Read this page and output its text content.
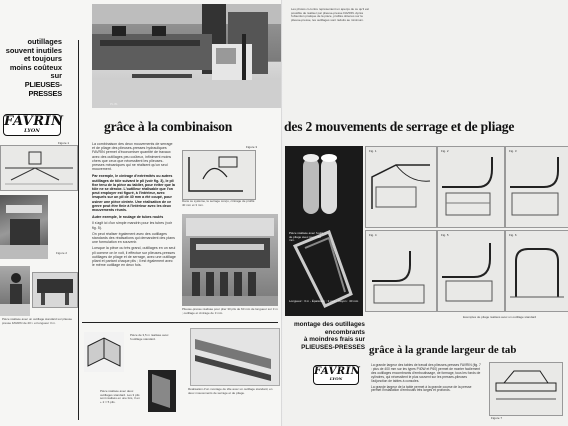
outillages
souvent inutiles
et toujours
moins coûteux
sur
PLIEUSES-PRESSES
FAVRIN
LYON
PL 81
grâce à la combinaison
Figure 1
Figure 2
Pièce réalisée avec un outillage standard sur plieuse presse FAVRIN de 20 t. et longueur 3 m.
La combinaison des deux mouvements de serrage et de pliage des plieuses-presses hydrauliques FAVRIN permet d'économiser quantité de travaux avec des outillages peu coûteux, infiniment moins chers que ceux que nécessitent les plieuses-presses mécaniques qui ne réalisent qu'un seul mouvement.
Par exemple, le cintrage d'extrémités ou autres outillages de tôle suivant le pli (voir fig. 3), le pli fixe tenu de la pièce au tablier, pour éviter que la tôle ne se dérobe. L'outilleur réalisable que l'on peut employer est figuré, à l'intérieur, avec lesquels sur un pli de 40 mm a été coupé, pour usiner une pièce cintrée. Une réalisation de ce genre peut être finie à l'intérieur avec les deux mouvements réunis.
Autre exemple, le roulage de tubes roulés
Il s'agit ici d'un simple mandrin pour les tubes (voir fig. 5).
On peut réaliser également avec des outillages standards des réalisations qui demandent des plans une formulation en souvenir.
Lorsque la pièce ou très grand, outillages en un seul pli comme on le voit, il effectue sur plieuses-presses outillages de pliage et de serrage, avec une outillage pliant et partant chaque plis ; il est également avec le même outillage en deux fois.
Figure 3
Dans ce système, le serrage conçu, cintrage de profilé 40 mm et 3 mm.
Plieuse-presse réalisée pour plier 30 plis de 60 mm de longueur sur 3 m ; outillage et cintrage de 3 mm.
Pièce réalisée avec deux outillages standard. Les 3 plis sont réalisés en une fois, 3 en + 2 = 5 plis.
Pièce de 3,5 m réalisée avec l'outillage standard.
Réalisation d'un montage de tôle avec un outillage standard, en deux mouvements de serrage et de pliage.
Les photos ci-contre représentent un aperçu de ce qu'il est possible de réaliser par plieuse-presse FAVRIN. Après l'obtention pratique de la pièce, profilés obtenus sur la plieuse-presse, les outillages sont réduits au minimum.
des 2 mouvements de serrage et de pliage
Pièce réalisée avec l'outil de pliage avec rayon 80 mm.
Longueur : 3 m - Épaisseur : 3 mm - Rayon : 40 mm
Fig. 1	Fig. 2	Fig. 3
Fig. 4	Fig. 5	Fig. 6
Exemples de pliage réalisés avec un outillage standard
montage des outillages
encombrants
à moindres frais sur
PLIEUSES-PRESSES
FAVRIN
LYON
grâce à la grande largeur de tab
La grande largeur des tables de travail des plieuses-presses FAVRIN (fig. 7 : plus de 400 mm sur les types P40W et P60) permet de monter facilement des outillages encombrants d'emboutissage, de formage, tous les fonds de cylindres, qui nécessitent le plus souvent sur les presses-plieuses l'adjonction de tables à consoles.
La grande largeur de la table permet à la grande course de la presse permet l'installation d'emboutis très larges et profonds.
Figure 7
